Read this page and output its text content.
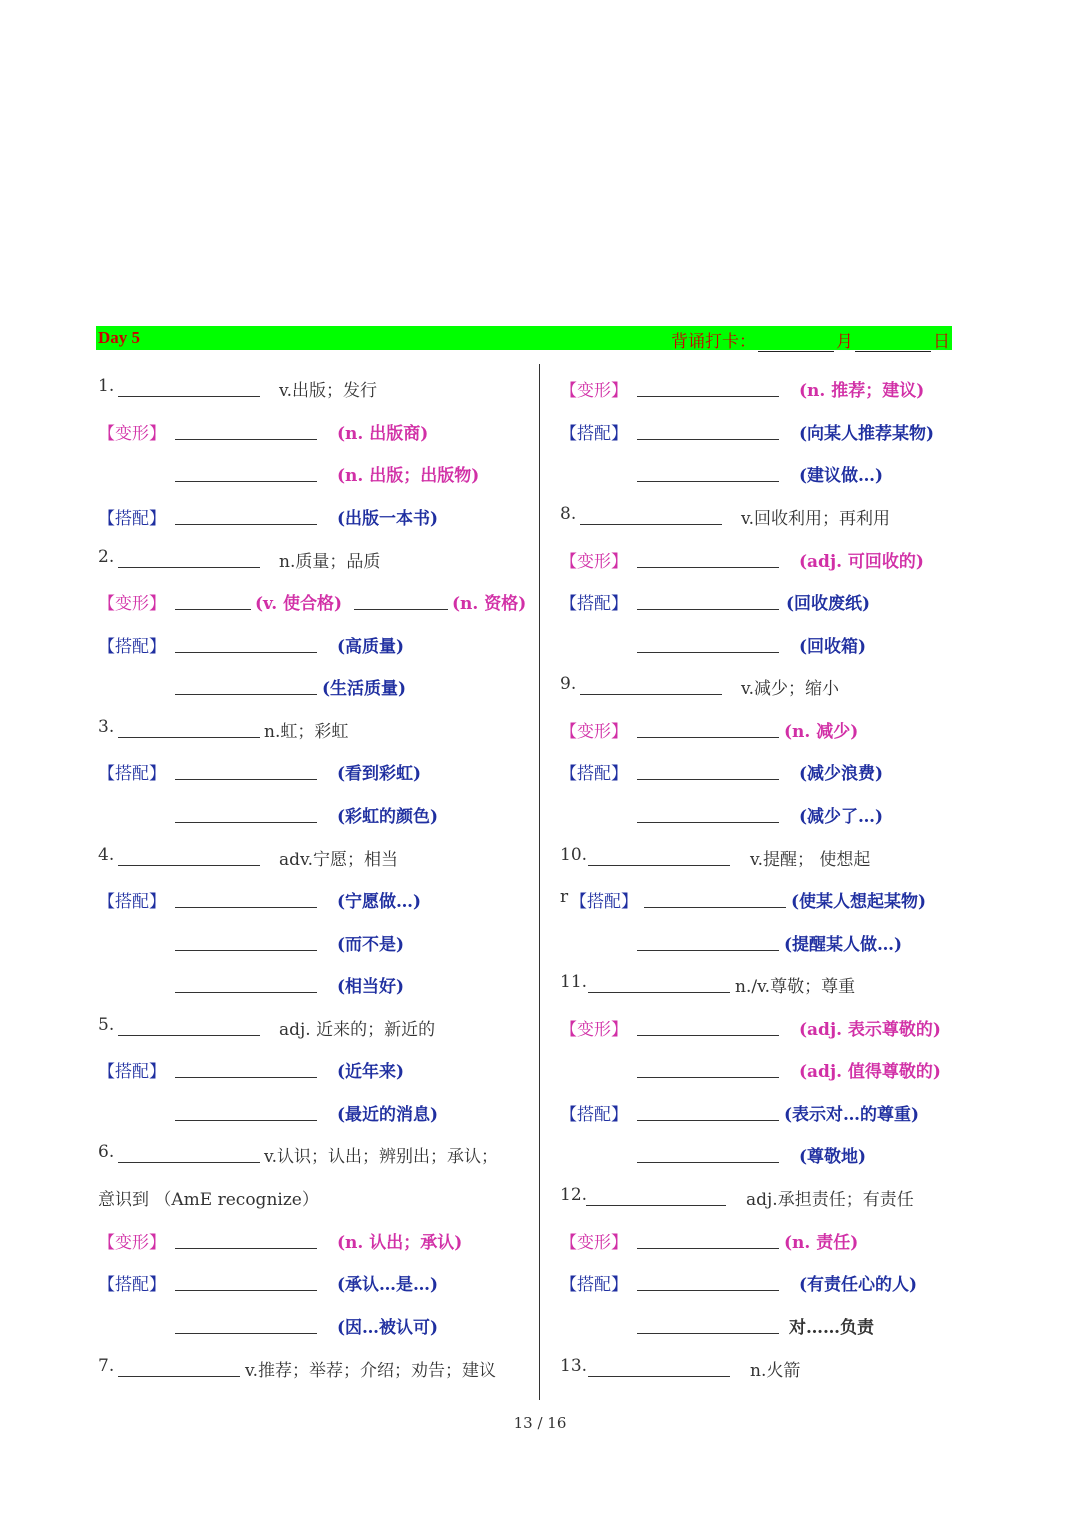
Day 5	背诵打卡：	月	日
1.	v.出版；发行
【变形】	(n. 出版商)
(n. 出版；出版物)
【搭配】	(出版一本书)
2.	n.质量；品质
【变形】	(v. 使合格)	(n. 资格)
【搭配】	(高质量)
(生活质量)
3.	n.虹；彩虹
【搭配】	(看到彩虹)
(彩虹的颜色)
4.	adv.宁愿；相当
【搭配】	(宁愿做…)
(而不是)
(相当好)
5.	adj. 近来的；新近的
【搭配】	(近年来)
(最近的消息)
6.	v.认识；认出；辨别出；承认；
意识到 （AmE recognize）
【变形】	(n. 认出；承认)
【搭配】	(承认…是…)
(因…被认可)
7.	v.推荐；举荐；介绍；劝告；建议
【变形】	(n. 推荐；建议)
【搭配】	(向某人推荐某物)
(建议做…)
8.	v.回收利用；再利用
【变形】	(adj. 可回收的)
【搭配】	(回收废纸)
(回收箱)
9.	v.减少；缩小
【变形】	(n. 减少)
【搭配】	(减少浪费)
(减少了…)
10.	v.提醒； 使想起
r 【搭配】	(使某人想起某物)
(提醒某人做…)
11.	n./v.尊敬；尊重
【变形】	(adj. 表示尊敬的)
(adj. 值得尊敬的)
【搭配】	(表示对…的尊重)
(尊敬地)
12.	adj.承担责任；有责任
【变形】	(n. 责任)
【搭配】	(有责任心的人)
对……负责
13.	n.火箭
13 / 16
